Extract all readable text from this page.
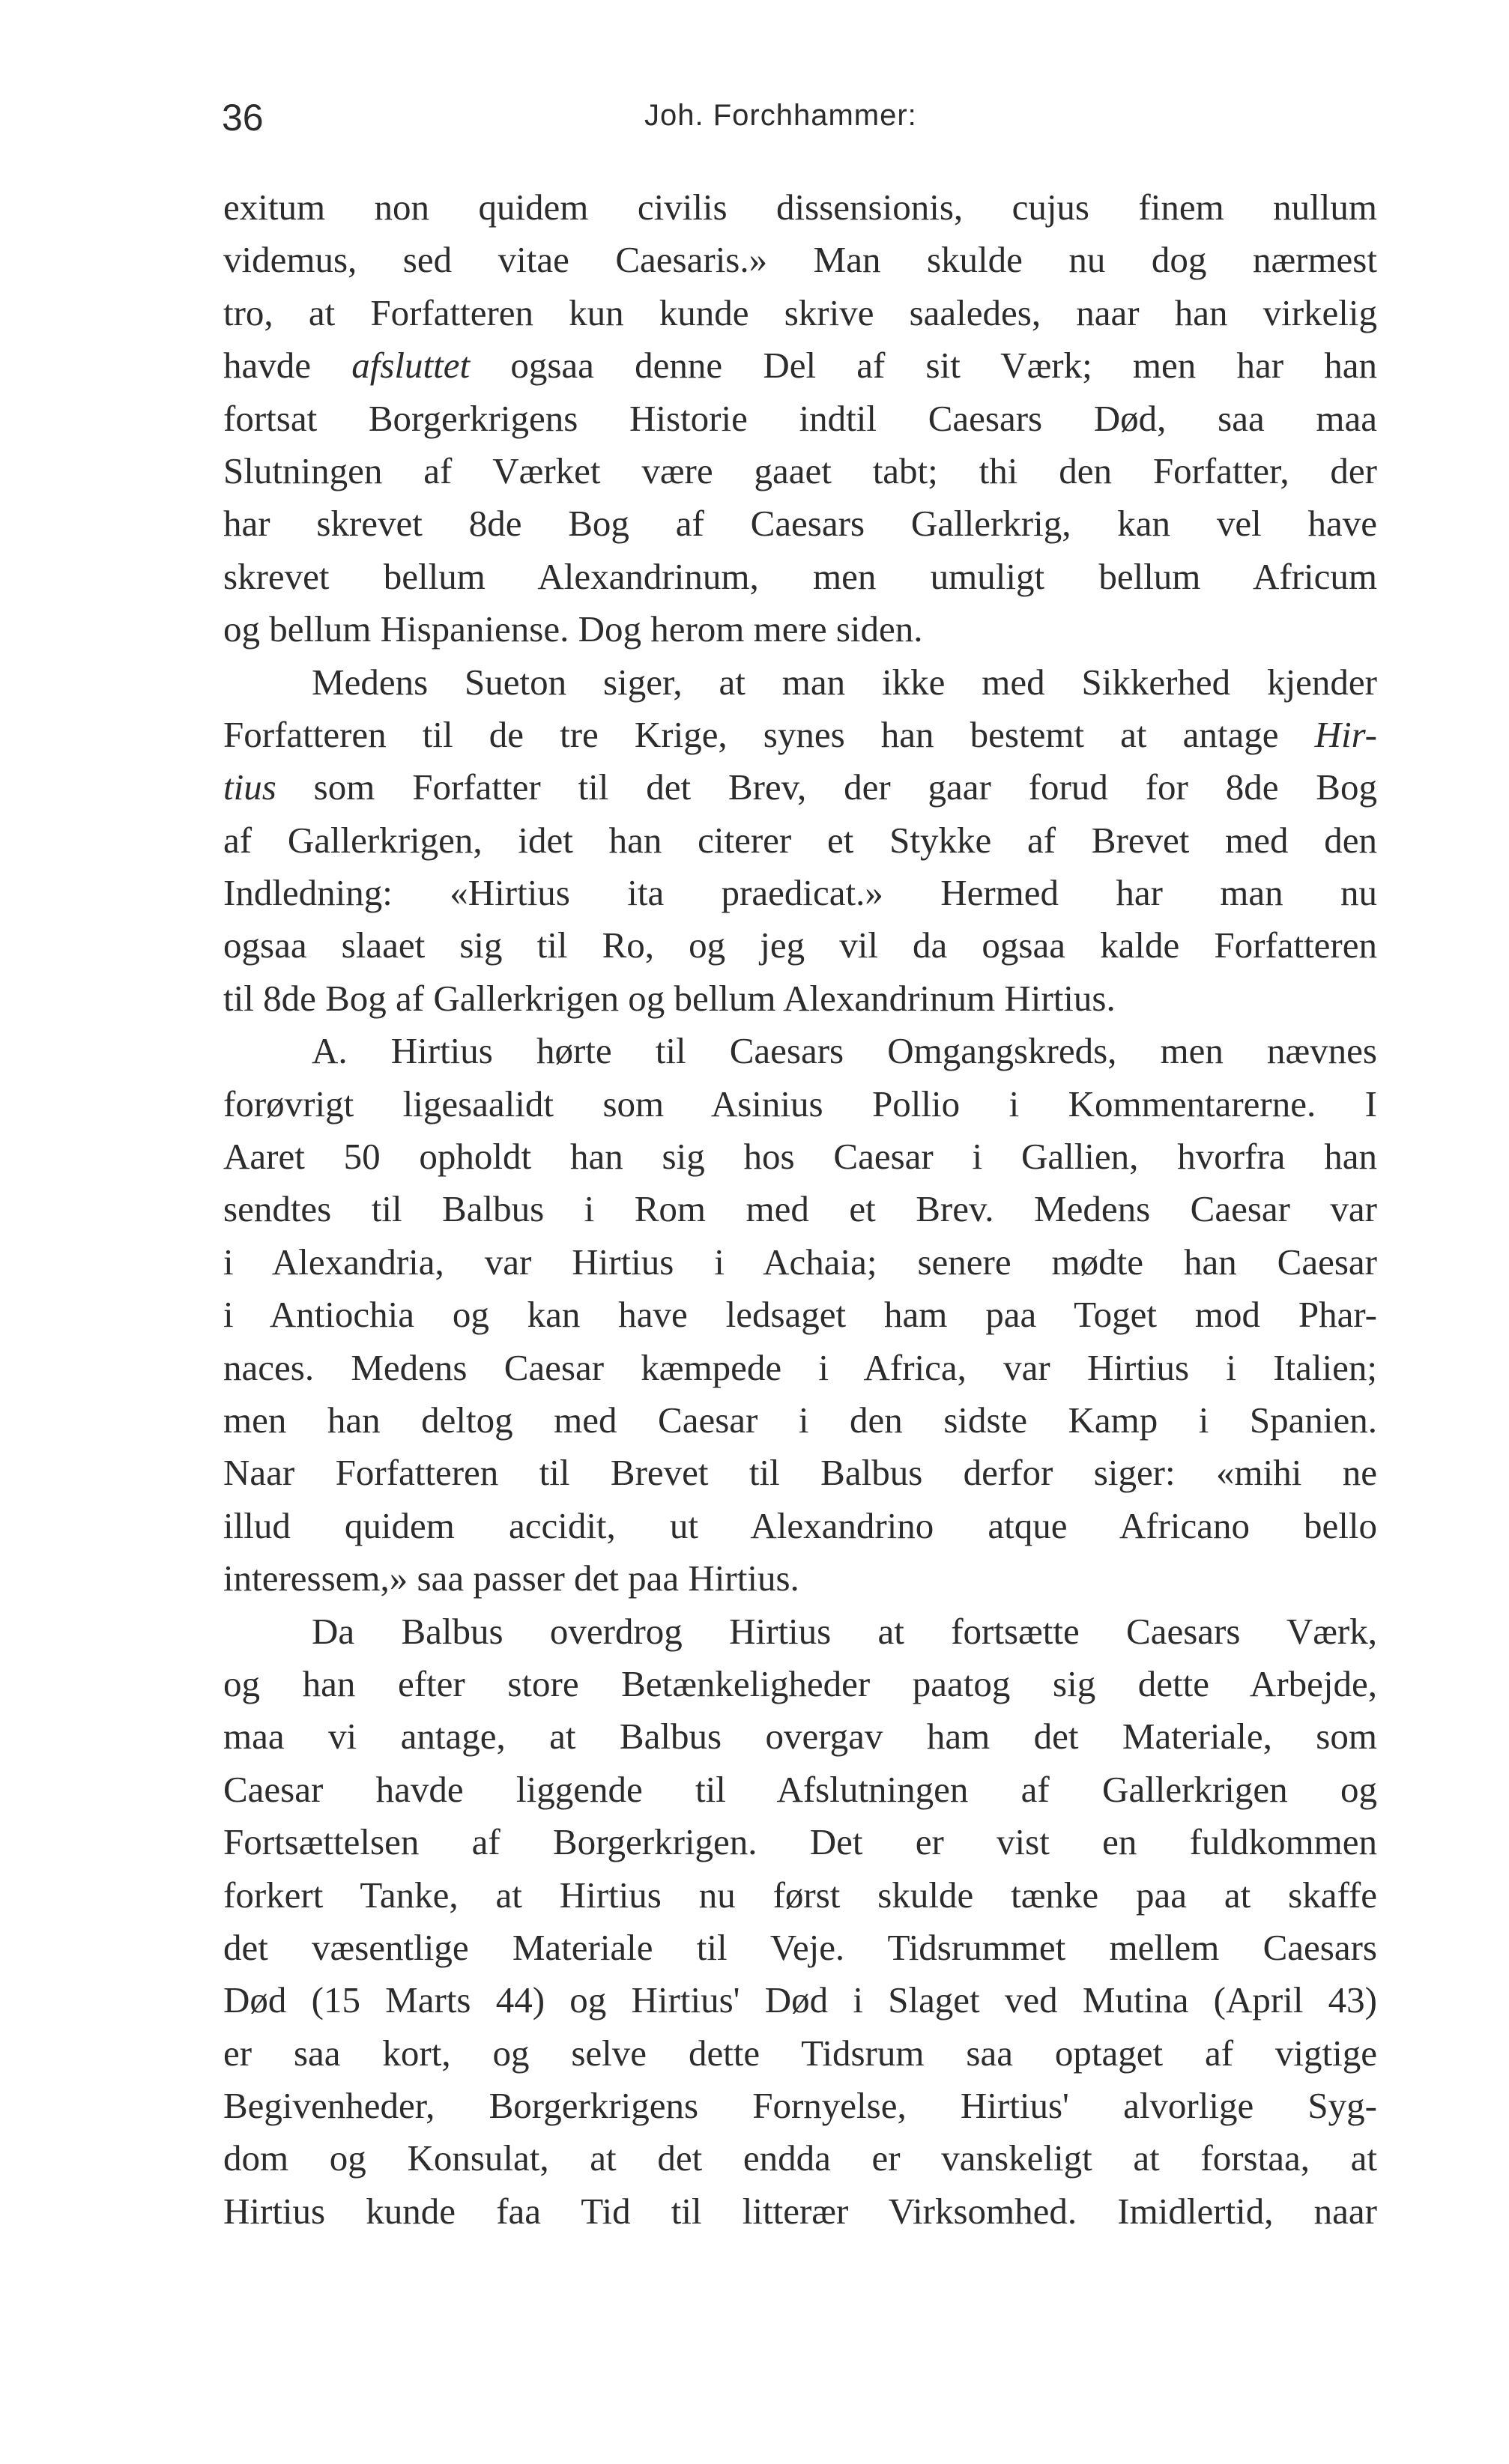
36	Joh. Forchhammer:
exitum non quidem civilis dissensionis, cujus finem nullum
videmus, sed vitae Caesaris.» Man skulde nu dog nærmest
tro, at Forfatteren kun kunde skrive saaledes, naar han virkelig
havde afsluttet ogsaa denne Del af sit Værk; men har han
fortsat Borgerkrigens Historie indtil Caesars Død, saa maa
Slutningen af Værket være gaaet tabt; thi den Forfatter, der
har skrevet 8de Bog af Caesars Gallerkrig, kan vel have
skrevet bellum Alexandrinum, men umuligt bellum Africum
og bellum Hispaniense. Dog herom mere siden.
Medens Sueton siger, at man ikke med Sikkerhed kjender
Forfatteren til de tre Krige, synes han bestemt at antage Hir-
tius som Forfatter til det Brev, der gaar forud for 8de Bog
af Gallerkrigen, idet han citerer et Stykke af Brevet med den
Indledning: «Hirtius ita praedicat.» Hermed har man nu
ogsaa slaaet sig til Ro, og jeg vil da ogsaa kalde Forfatteren
til 8de Bog af Gallerkrigen og bellum Alexandrinum Hirtius.
A. Hirtius hørte til Caesars Omgangskreds, men nævnes
forøvrigt ligesaalidt som Asinius Pollio i Kommentarerne. I
Aaret 50 opholdt han sig hos Caesar i Gallien, hvorfra han
sendtes til Balbus i Rom med et Brev. Medens Caesar var
i Alexandria, var Hirtius i Achaia; senere mødte han Caesar
i Antiochia og kan have ledsaget ham paa Toget mod Phar-
naces. Medens Caesar kæmpede i Africa, var Hirtius i Italien;
men han deltog med Caesar i den sidste Kamp i Spanien.
Naar Forfatteren til Brevet til Balbus derfor siger: «mihi ne
illud quidem accidit, ut Alexandrino atque Africano bello
interessem,» saa passer det paa Hirtius.
Da Balbus overdrog Hirtius at fortsætte Caesars Værk,
og han efter store Betænkeligheder paatog sig dette Arbejde,
maa vi antage, at Balbus overgav ham det Materiale, som
Caesar havde liggende til Afslutningen af Gallerkrigen og
Fortsættelsen af Borgerkrigen. Det er vist en fuldkommen
forkert Tanke, at Hirtius nu først skulde tænke paa at skaffe
det væsentlige Materiale til Veje. Tidsrummet mellem Caesars
Død (15 Marts 44) og Hirtius' Død i Slaget ved Mutina (April 43)
er saa kort, og selve dette Tidsrum saa optaget af vigtige
Begivenheder, Borgerkrigens Fornyelse, Hirtius' alvorlige Syg-
dom og Konsulat, at det endda er vanskeligt at forstaa, at
Hirtius kunde faa Tid til litterær Virksomhed. Imidlertid, naar
